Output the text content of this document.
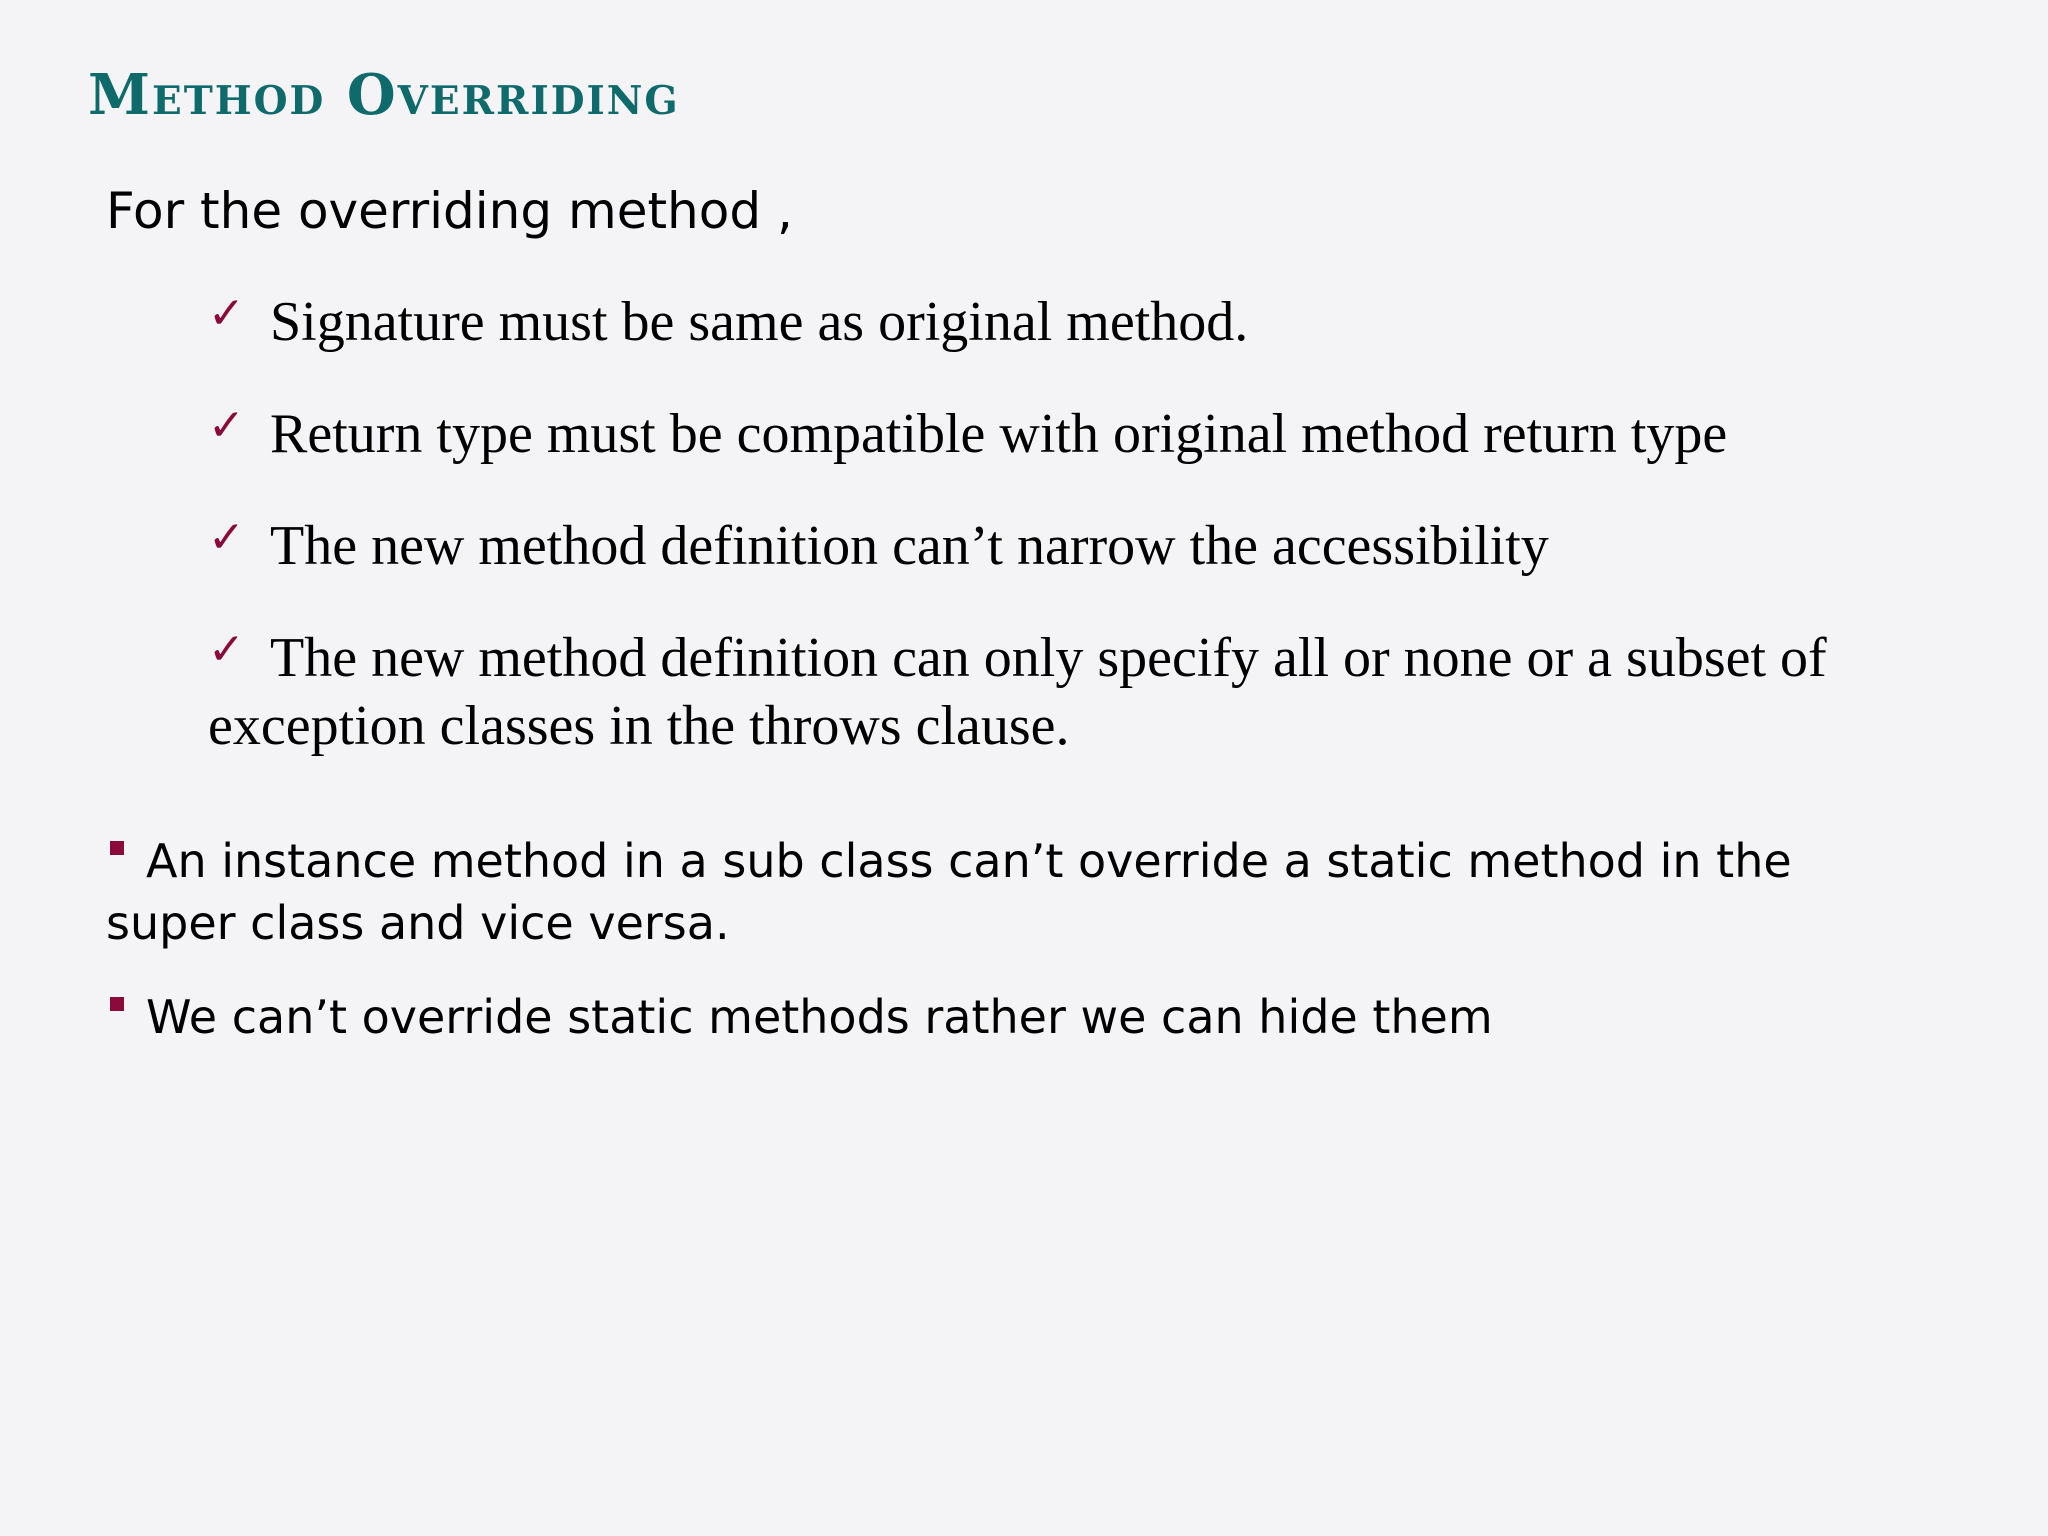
Method Overriding
For the overriding method ,
✓ Signature must be same as original method.
✓ Return type must be compatible with original method return type
✓ The new method definition can’t narrow the accessibility
✓ The new method definition can only specify all or none or a subset of exception classes in the throws clause.
An instance method in a sub class can’t override a static method in the super class and vice versa.
We can’t override static methods rather we can hide them
